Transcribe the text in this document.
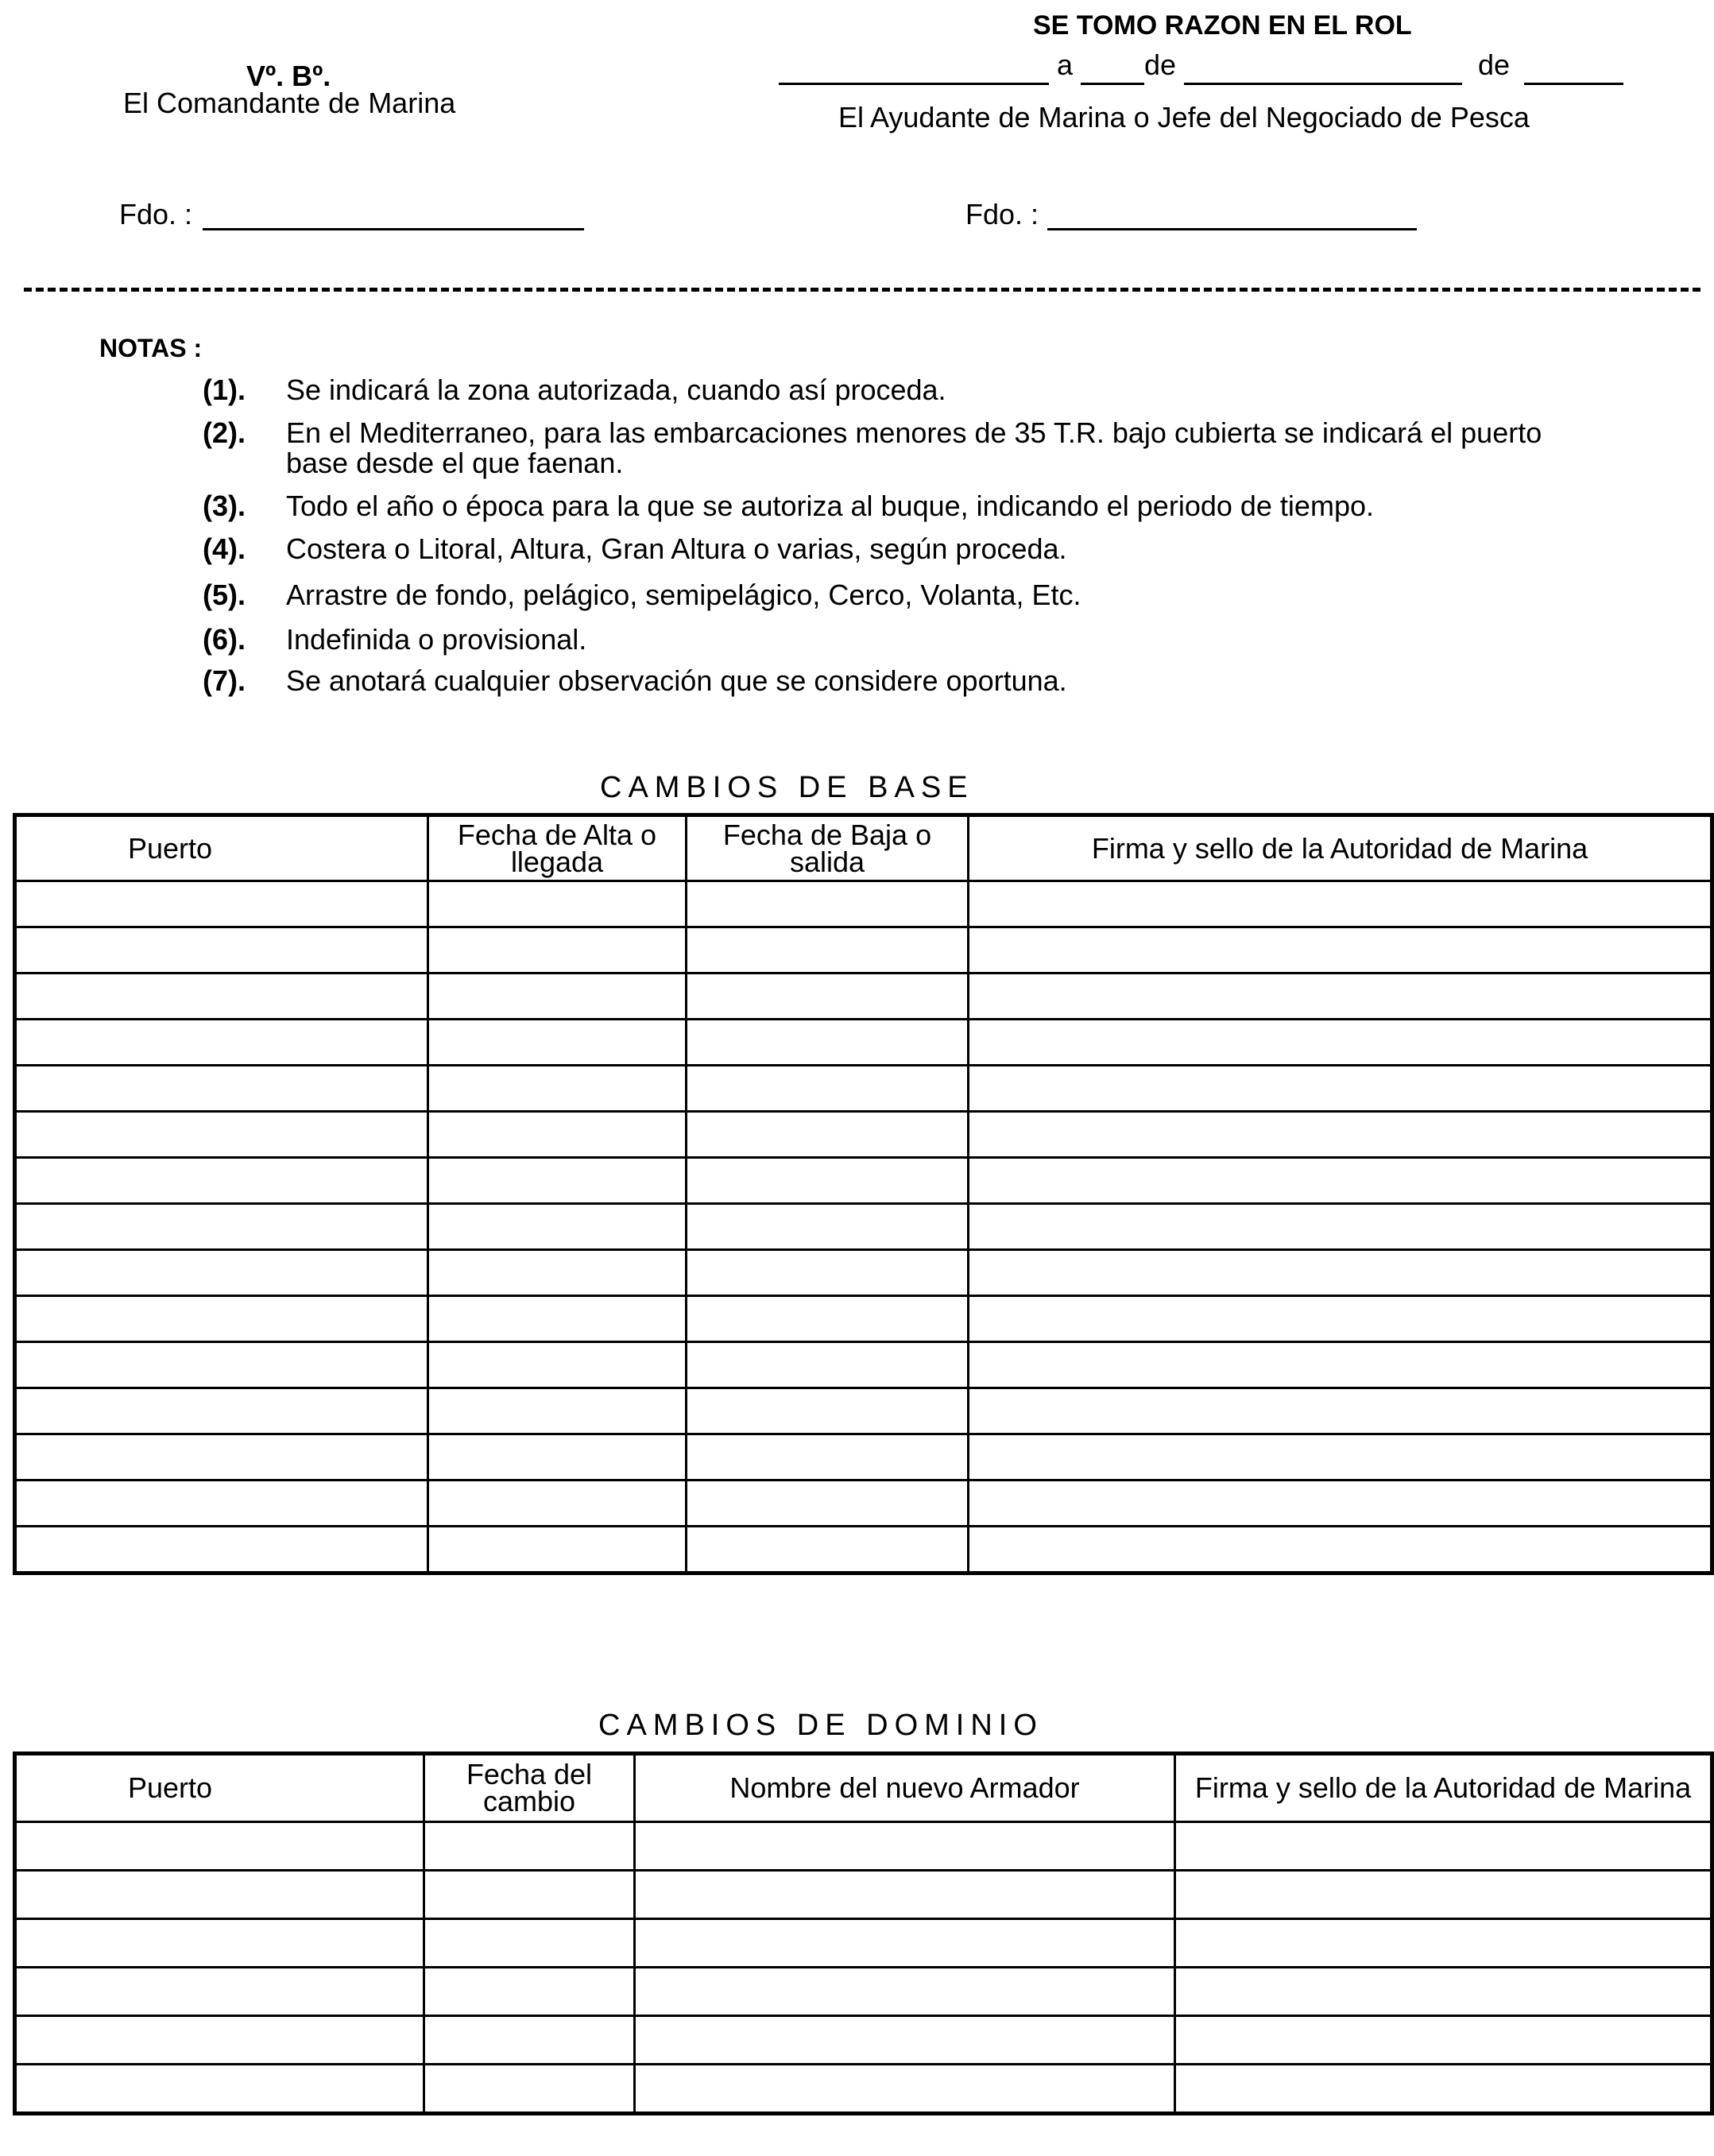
SE TOMO RAZON EN EL ROL
a de	de
Vº. Bº.
El Comandante de Marina	El Ayudante de Marina o Jefe del Negociado de Pesca
Fdo. :	Fdo. :
NOTAS :
(1). Se indicará la zona autorizada, cuando así proceda.
(2). En el Mediterraneo, para las embarcaciones menores de 35 T.R. bajo cubierta se indicará el puerto base desde el que faenan.
(3). Todo el año o época para la que se autoriza al buque, indicando el periodo de tiempo.
(4). Costera o Litoral, Altura, Gran Altura o varias, según proceda.
(5). Arrastre de fondo, pelágico, semipelágico, Cerco, Volanta, Etc.
(6). Indefinida o provisional.
(7). Se anotará cualquier observación que se considere oportuna.
CAMBIOS DE BASE
Puerto	Fecha de Alta o llegada	Fecha de Baja o salida	Firma y sello de la Autoridad de Marina

CAMBIOS DE DOMINIO
Puerto	Fecha del cambio	Nombre del nuevo Armador	Firma y sello de la Autoridad de Marina
